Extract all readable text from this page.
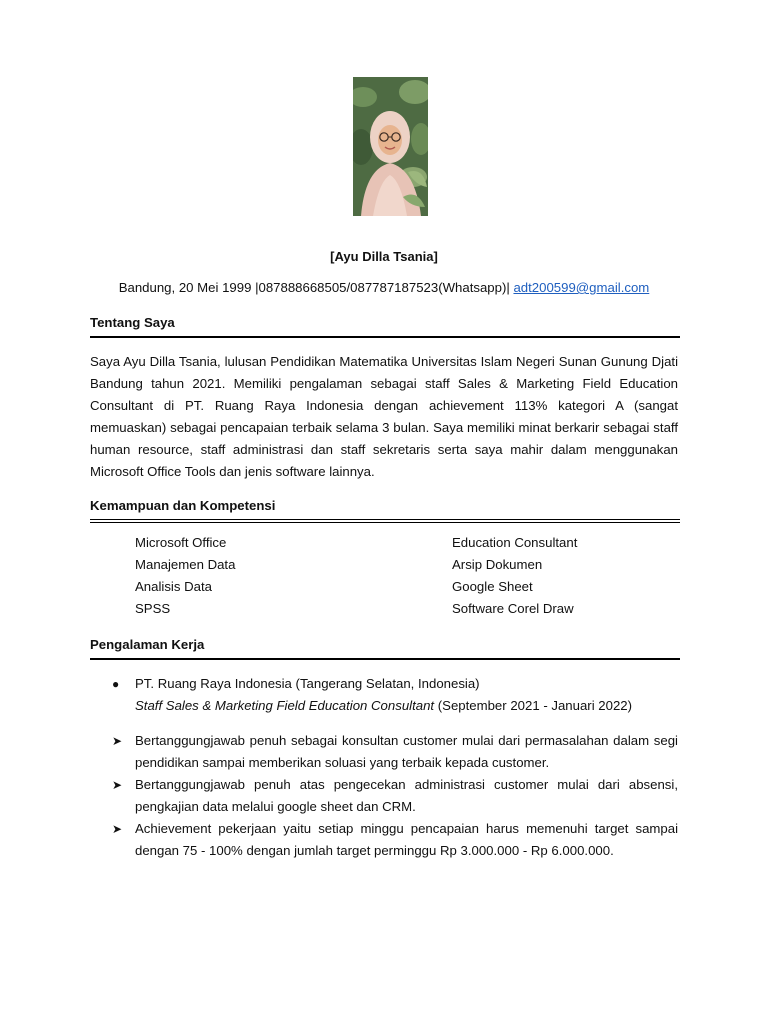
[Ayu Dilla Tsania]
Bandung, 20 Mei 1999 |087888668505/087787187523(Whatsapp)| adt200599@gmail.com
Tentang Saya
Saya Ayu Dilla Tsania, lulusan Pendidikan Matematika Universitas Islam Negeri Sunan Gunung Djati Bandung tahun 2021. Memiliki pengalaman sebagai staff Sales & Marketing Field Education Consultant di PT. Ruang Raya Indonesia dengan achievement 113% kategori A (sangat memuaskan) sebagai pencapaian terbaik selama 3 bulan. Saya memiliki minat berkarir sebagai staff human resource, staff administrasi dan staff sekretaris serta saya mahir dalam menggunakan Microsoft Office Tools dan jenis software lainnya.
Kemampuan dan Kompetensi
Microsoft Office
Manajemen Data
Analisis Data
SPSS
Education Consultant
Arsip Dokumen
Google Sheet
Software Corel Draw
Pengalaman Kerja
● PT. Ruang Raya Indonesia (Tangerang Selatan, Indonesia)
Staff Sales & Marketing Field Education Consultant (September 2021 - Januari 2022)
➤ Bertanggungjawab penuh sebagai konsultan customer mulai dari permasalahan dalam segi pendidikan sampai memberikan soluasi yang terbaik kepada customer.
➤ Bertanggungjawab penuh atas pengecekan administrasi customer mulai dari absensi, pengkajian data melalui google sheet dan CRM.
➤ Achievement pekerjaan yaitu setiap minggu pencapaian harus memenuhi target sampai dengan 75 - 100% dengan jumlah target perminggu Rp 3.000.000 - Rp 6.000.000.
